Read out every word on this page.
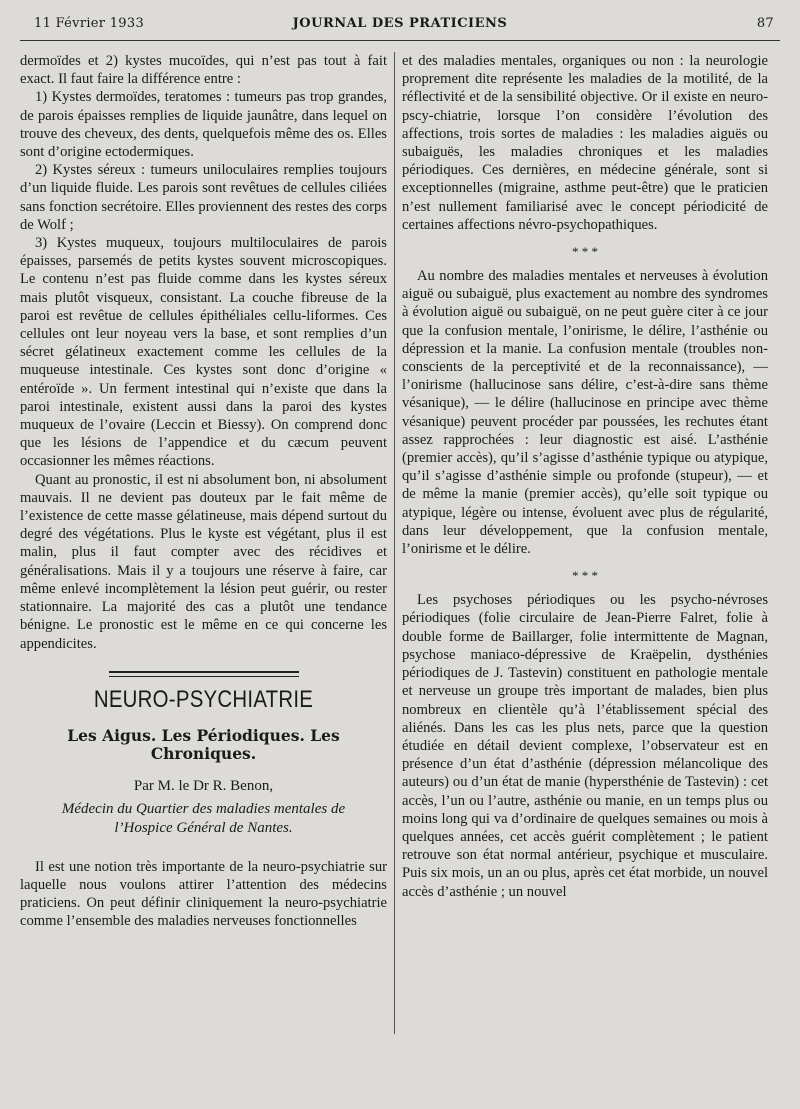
11 Février 1933	JOURNAL DES PRATICIENS	87

dermoïdes et 2) kystes mucoïdes, qui n’est pas tout à fait exact. Il faut faire la différence entre :

1) Kystes dermoïdes, teratomes : tumeurs pas trop grandes, de parois épaisses remplies de liquide jaunâtre, dans lequel on trouve des cheveux, des dents, quelquefois même des os. Elles sont d’origine ectodermiques.

2) Kystes séreux : tumeurs uniloculaires remplies toujours d’un liquide fluide. Les parois sont revêtues de cellules ciliées sans fonction secrétoire. Elles proviennent des restes des corps de Wolf ;

3) Kystes muqueux, toujours multiloculaires de parois épaisses, parsemés de petits kystes souvent microscopiques. Le contenu n’est pas fluide comme dans les kystes séreux mais plutôt visqueux, consistant. La couche fibreuse de la paroi est revêtue de cellules épithéliales cellu-liformes. Ces cellules ont leur noyeau vers la base, et sont remplies d’un sécret gélatineux exactement comme les cellules de la muqueuse intestinale. Ces kystes sont donc d’origine « entéroïde ». Un ferment intestinal qui n’existe que dans la paroi intestinale, existent aussi dans la paroi des kystes muqueux de l’ovaire (Leccin et Biessy). On comprend donc que les lésions de l’appendice et du cæcum peuvent occasionner les mêmes réactions.

Quant au pronostic, il est ni absolument bon, ni absolument mauvais. Il ne devient pas douteux par le fait même de l’existence de cette masse gélatineuse, mais dépend surtout du degré des végétations. Plus le kyste est végétant, plus il est malin, plus il faut compter avec des récidives et généralisations. Mais il y a toujours une réserve à faire, car même enlevé incomplètement la lésion peut guérir, ou rester stationnaire. La majorité des cas a plutôt une tendance bénigne. Le pronostic est le même en ce qui concerne les appendicites.

NEURO-PSYCHIATRIE
Les Aigus. Les Périodiques. Les Chroniques.
Par M. le Dr R. Benon,
Médecin du Quartier des maladies mentales de
l’Hospice Général de Nantes.

Il est une notion très importante de la neuro-psychiatrie sur laquelle nous voulons attirer l’attention des médecins praticiens. On peut définir cliniquement la neuro-psychiatrie comme l’ensemble des maladies nerveuses fonctionnelles

et des maladies mentales, organiques ou non : la neurologie proprement dite représente les maladies de la motilité, de la réflectivité et de la sensibilité objective. Or il existe en neuro-pscy-chiatrie, lorsque l’on considère l’évolution des affections, trois sortes de maladies : les maladies aiguës ou subaiguës, les maladies chroniques et les maladies périodiques. Ces dernières, en médecine générale, sont si exceptionnelles (migraine, asthme peut-être) que le praticien n’est nullement familiarisé avec le concept périodicité de certaines affections névro-psychopathiques.

* * *

Au nombre des maladies mentales et nerveuses à évolution aiguë ou subaiguë, plus exactement au nombre des syndromes à évolution aiguë ou subaiguë, on ne peut guère citer à ce jour que la confusion mentale, l’onirisme, le délire, l’asthénie ou dépression et la manie. La confusion mentale (troubles non-conscients de la perceptivité et de la reconnaissance), — l’onirisme (hallucinose sans délire, c’est-à-dire sans thème vésanique), — le délire (hallucinose en principe avec thème vésanique) peuvent procéder par poussées, les rechutes étant assez rapprochées : leur diagnostic est aisé. L’asthénie (premier accès), qu’il s’agisse d’asthénie typique ou atypique, qu’il s’agisse d’asthénie simple ou profonde (stupeur), — et de même la manie (premier accès), qu’elle soit typique ou atypique, légère ou intense, évoluent avec plus de régularité, dans leur développement, que la confusion mentale, l’onirisme et le délire.

* * *

Les psychoses périodiques ou les psycho-névroses périodiques (folie circulaire de Jean-Pierre Falret, folie à double forme de Baillarger, folie intermittente de Magnan, psychose maniaco-dépressive de Kraëpelin, dysthénies périodiques de J. Tastevin) constituent en pathologie mentale et nerveuse un groupe très important de malades, bien plus nombreux en clientèle qu’à l’établissement spécial des aliénés. Dans les cas les plus nets, parce que la question étudiée en détail devient complexe, l’observateur est en présence d’un état d’asthénie (dépression mélancolique des auteurs) ou d’un état de manie (hypersthénie de Tastevin) : cet accès, l’un ou l’autre, asthénie ou manie, en un temps plus ou moins long qui va d’ordinaire de quelques semaines ou mois à quelques années, cet accès guérit complètement ; le patient retrouve son état normal antérieur, psychique et musculaire. Puis six mois, un an ou plus, après cet état morbide, un nouvel accès d’asthénie ; un nouvel
